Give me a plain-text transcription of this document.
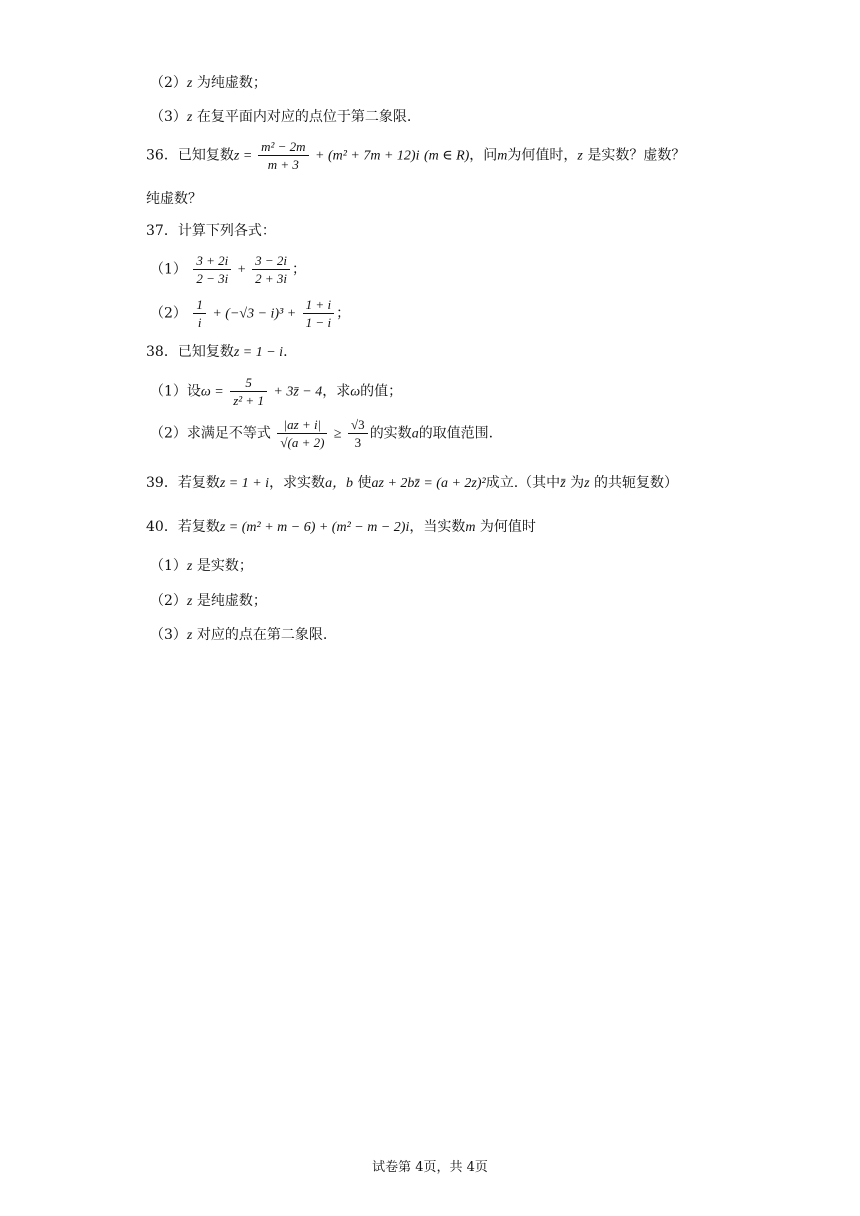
（2）z 为纯虚数；
（3）z 在复平面内对应的点位于第二象限.
36．已知复数$z = \frac{\text{m² − 2m}}{m + 3} + (m^2 + 7m + 12)i$ (m ∈ R)，问m为何值时，z 是实数？虚数？
纯虚数？
37．计算下列各式：
$(1) \frac{3 + 2i}{2 - 3i} + \frac{3 - 2i}{2 + 3i}$ ；
$(2) \frac{1}{i} + (-√3 - i)^3 + \frac{1 + i}{1 - i}$ ；
38．已知复数z = 1 − i.
（1）设$\omega = \frac{5}{\text{z² + 1}}$ + 3z̄ − 4，求ω的值；
（2）求满足不等式 $\frac{|az + i|}{√(a + 2)} \ge \frac{√3}{3}$ 的实数a的取值范围.
39．若复数z = 1 + i，求实数a，b 使az + 2bz̄ = (a + 2z)²成立.（其中z̄ 为z 的共轭复数）
40．若复数z = (m² + m − 6) + (m² − m − 2)i，当实数m 为何值时
（1）z 是实数；
（2）z 是纯虚数；
（3）z 对应的点在第二象限.
试卷第 4页，共 4页
